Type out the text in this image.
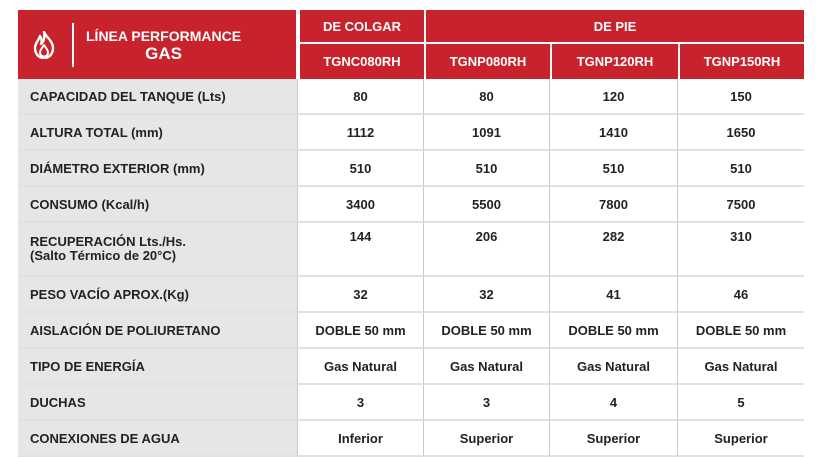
LÍNEA PERFORMANCE
GAS	DE COLGAR	DE PIE		
	TGNC080RH	TGNP080RH	TGNP120RH	TGNP150RH
CAPACIDAD DEL TANQUE (Lts)	80	80	120	150
ALTURA TOTAL (mm)	1112	1091	1410	1650
DIÁMETRO EXTERIOR (mm)	510	510	510	510
CONSUMO (Kcal/h)	3400	5500	7800	7500

RECUPERACIÓN Lts./Hs.
(Salto Térmico de 20°C)	144	206	282	310
PESO VACÍO APROX.(Kg)	32	32	41	46
AISLACIÓN DE POLIURETANO	DOBLE 50 mm	DOBLE 50 mm	DOBLE 50 mm	DOBLE 50 mm
TIPO DE ENERGÍA	Gas Natural	Gas Natural	Gas Natural	Gas Natural
DUCHAS	3	3	4	5
CONEXIONES DE AGUA	Inferior	Superior	Superior	Superior
